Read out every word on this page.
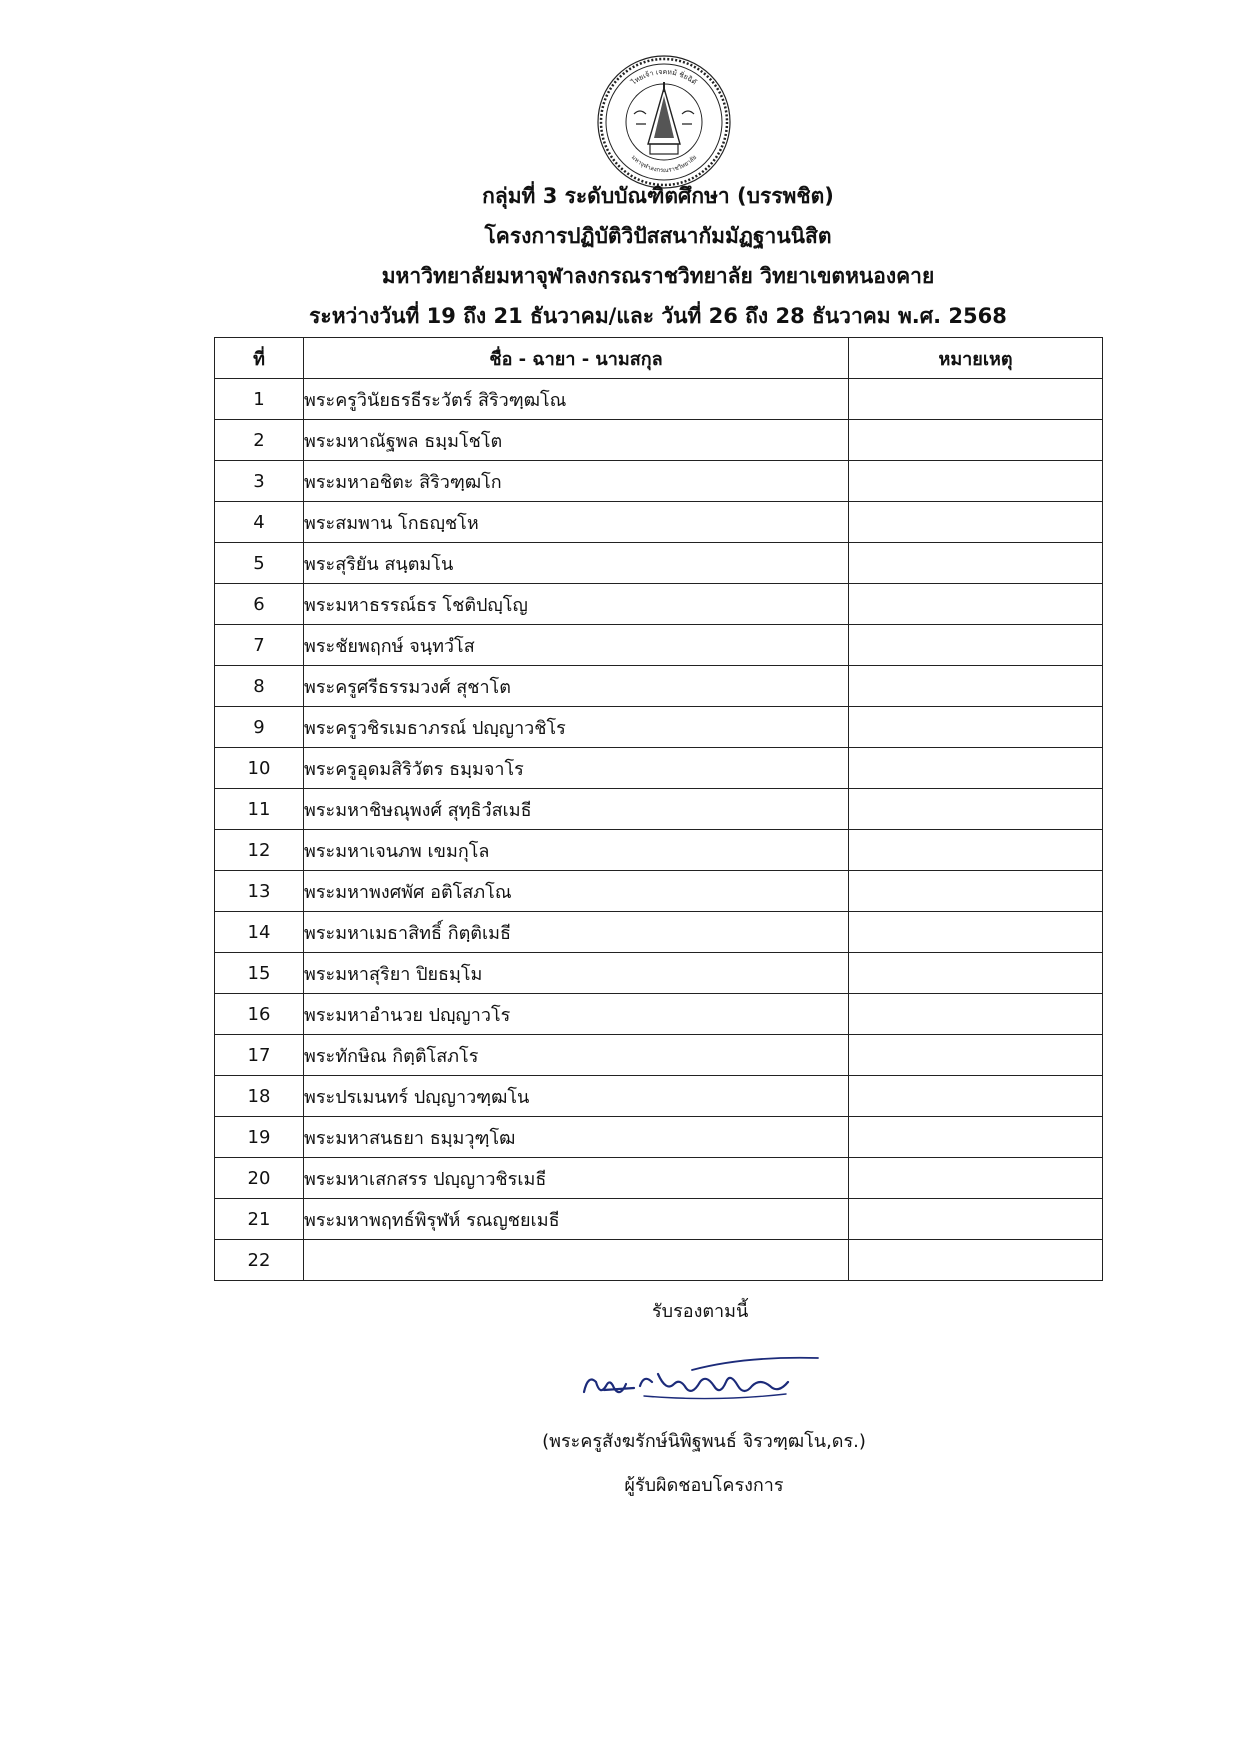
ไหยเจ้า เจคหม้ ชิ่ยฉิตั
มหาจุฬาลงกรณราชวิทยาลัย
กลุ่มที่ 3 ระดับบัณฑิตศึกษา (บรรพชิต)
โครงการปฏิบัติวิปัสสนากัมมัฏฐานนิสิต
มหาวิทยาลัยมหาจุฬาลงกรณราชวิทยาลัย วิทยาเขตหนองคาย
ระหว่างวันที่ 19 ถึง 21 ธันวาคม/และ วันที่ 26 ถึง 28 ธันวาคม พ.ศ. 2568
ที่	ชื่อ - ฉายา - นามสกุล	หมายเหตุ
1	พระครูวินัยธรธีระวัตร์ สิริวฑฺฒโณ	
2	พระมหาณัฐพล ธมฺมโชโต	
3	พระมหาอชิตะ สิริวฑฺฒโก	
4	พระสมพาน โกธญฺชโห	
5	พระสุริยัน สนฺตมโน	
6	พระมหาธรรณ์ธร โชติปญฺโญ	
7	พระชัยพฤกษ์ จนฺทวํโส	
8	พระครูศรีธรรมวงศ์ สุชาโต	
9	พระครูวชิรเมธาภรณ์ ปญฺญาวชิโร	
10	พระครูอุดมสิริวัตร ธมฺมจาโร	
11	พระมหาชิษณุพงศ์ สุทฺธิวํสเมธี	
12	พระมหาเจนภพ เขมกุโล	
13	พระมหาพงศพัศ อติโสภโณ	
14	พระมหาเมธาสิทธิ์ กิตฺติเมธี	
15	พระมหาสุริยา ปิยธมฺโม	
16	พระมหาอำนวย ปญฺญาวโร	
17	พระทักษิณ กิตฺติโสภโร	
18	พระปรเมนทร์ ปญฺญาวฑฺฒโน	
19	พระมหาสนธยา ธมฺมวุฑฺโฒ	
20	พระมหาเสกสรร ปญฺญาวชิรเมธี	
21	พระมหาพฤทธ์พิรุฬห์ รณญชยเมธี	
22		
รับรองตามนี้
(พระครูสังฆรักษ์นิพิฐพนธ์ จิรวฑฺฒโน,ดร.)
ผู้รับผิดชอบโครงการ
